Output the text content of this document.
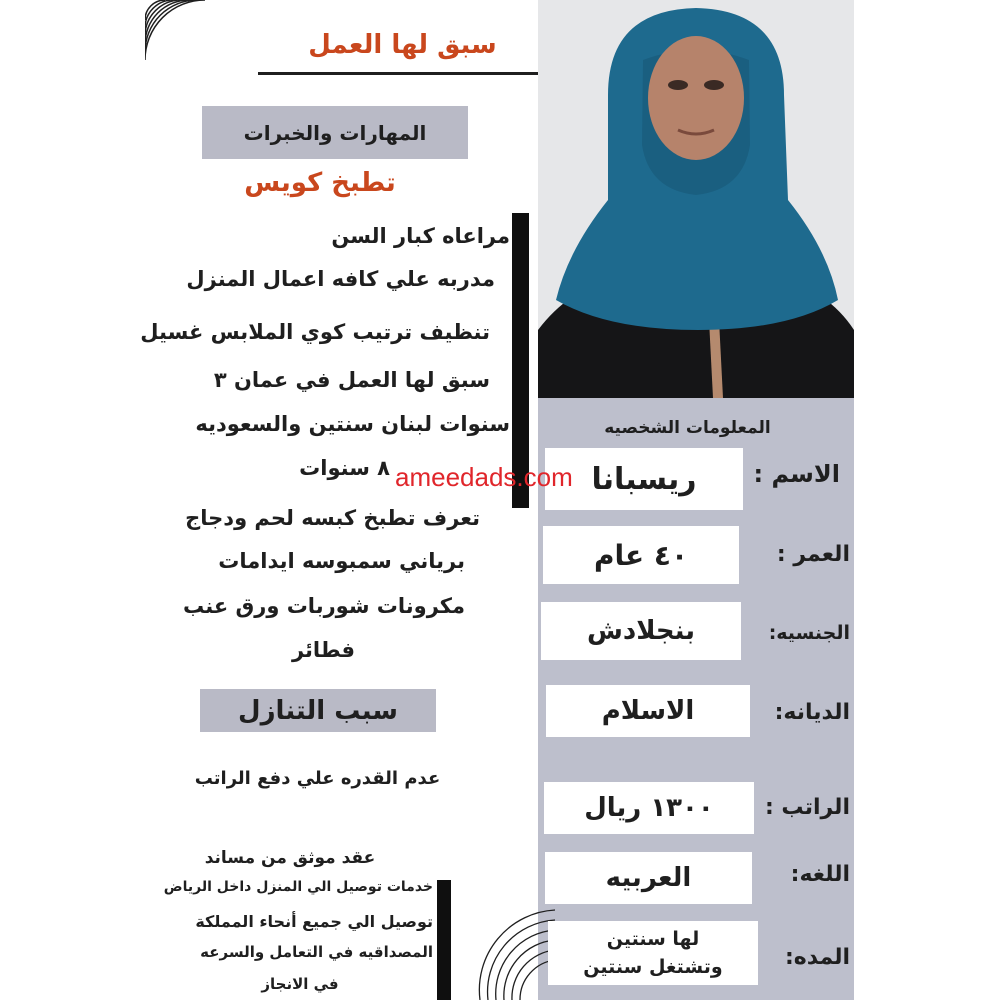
سبق لها العمل
المهارات والخبرات
تطبخ كويس
مراعاه كبار السن
مدربه علي كافه اعمال المنزل
تنظيف ترتيب كوي الملابس غسيل
سبق لها العمل في عمان ٣
سنوات لبنان سنتين والسعوديه
٨ سنوات
تعرف تطبخ كبسه لحم ودجاج
برياني سمبوسه ايدامات
مكرونات شوربات ورق عنب
فطائر
سبب التنازل
عدم القدره علي دفع الراتب
عقد موثق من مساند
خدمات توصيل الي المنزل داخل الرياض
توصيل الي جميع أنحاء المملكة
المصداقيه في التعامل والسرعه
في الانجاز
المعلومات الشخصيه
الاسم :
ريسبانا
العمر :
٤٠ عام
الجنسيه:
بنجلادش
الديانه:
الاسلام
الراتب :
١٣٠٠ ريال
اللغه:
العربيه
المده:
لها سنتين وتشتغل سنتين
ameedads.com
